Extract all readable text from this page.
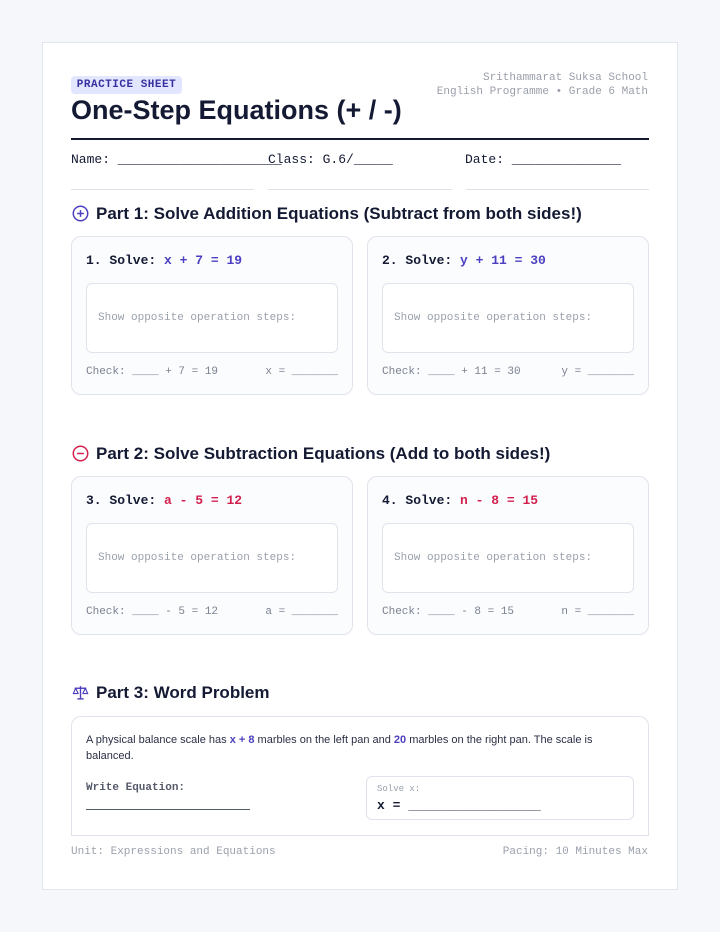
PRACTICE SHEET
Srithammarat Suksa School
English Programme • Grade 6 Math
One-Step Equations (+ / -)
Name: _____________________
Class: G.6/_____	Date: ______________
Part 1: Solve Addition Equations (Subtract from both sides!)
1. Solve: x + 7 = 19
Show opposite operation steps:
Check: ____ + 7 = 19	x = _______
2. Solve: y + 11 = 30
Show opposite operation steps:
Check: ____ + 11 = 30	y = _______
Part 2: Solve Subtraction Equations (Add to both sides!)
3. Solve: a - 5 = 12
Show opposite operation steps:
Check: ____ - 5 = 12	a = _______
4. Solve: n - 8 = 15
Show opposite operation steps:
Check: ____ - 8 = 15	n = _______
Part 3: Word Problem
A physical balance scale has x + 8 marbles on the left pan and 20 marbles on the right pan. The scale is balanced.
Write Equation:	Solve x:
x = _________________
Unit: Expressions and Equations	Pacing: 10 Minutes Max
